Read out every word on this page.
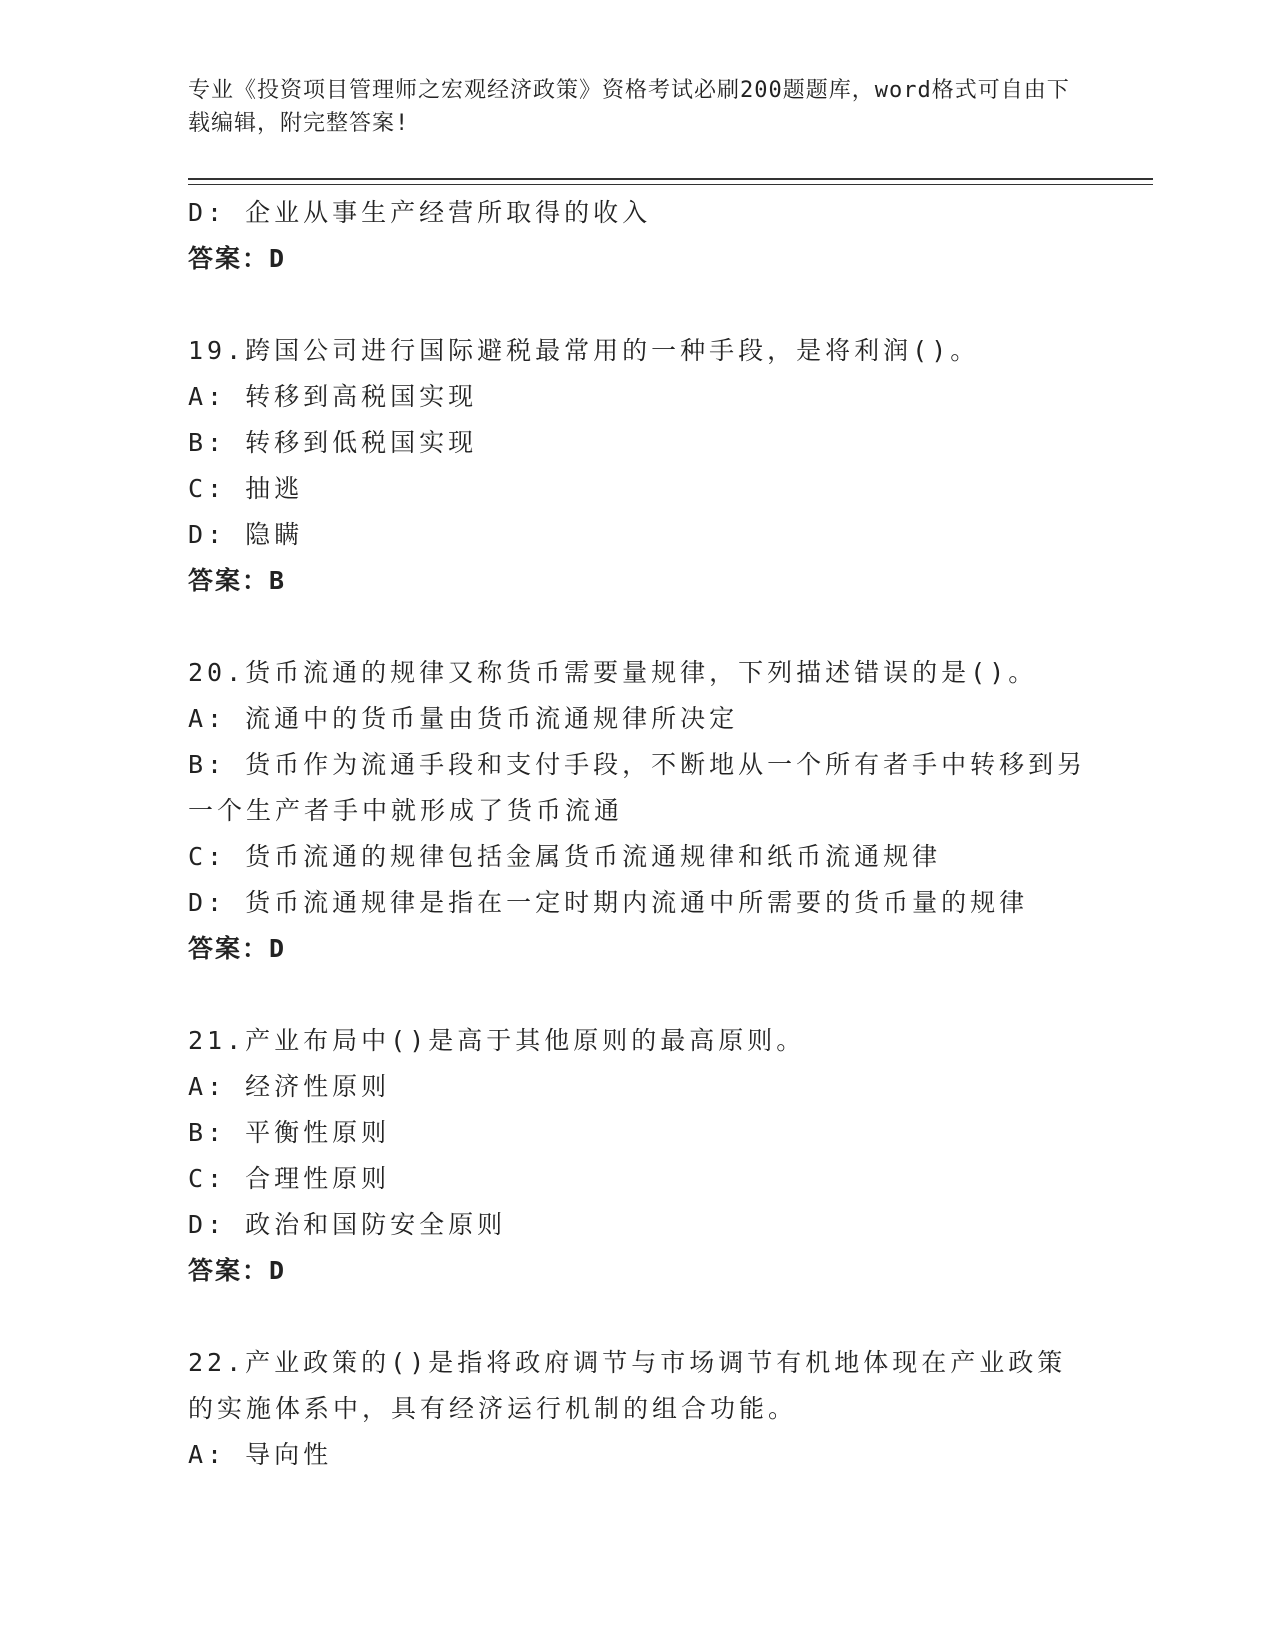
专业《投资项目管理师之宏观经济政策》资格考试必刷200题题库，word格式可自由下载编辑，附完整答案!
D: 企业从事生产经营所取得的收入
答案：D
19.跨国公司进行国际避税最常用的一种手段，是将利润()。
A: 转移到高税国实现
B: 转移到低税国实现
C: 抽逃
D: 隐瞒
答案：B
20.货币流通的规律又称货币需要量规律，下列描述错误的是()。
A: 流通中的货币量由货币流通规律所决定
B: 货币作为流通手段和支付手段，不断地从一个所有者手中转移到另一个生产者手中就形成了货币流通
C: 货币流通的规律包括金属货币流通规律和纸币流通规律
D: 货币流通规律是指在一定时期内流通中所需要的货币量的规律
答案：D
21.产业布局中()是高于其他原则的最高原则。
A: 经济性原则
B: 平衡性原则
C: 合理性原则
D: 政治和国防安全原则
答案：D
22.产业政策的()是指将政府调节与市场调节有机地体现在产业政策的实施体系中，具有经济运行机制的组合功能。
A: 导向性
